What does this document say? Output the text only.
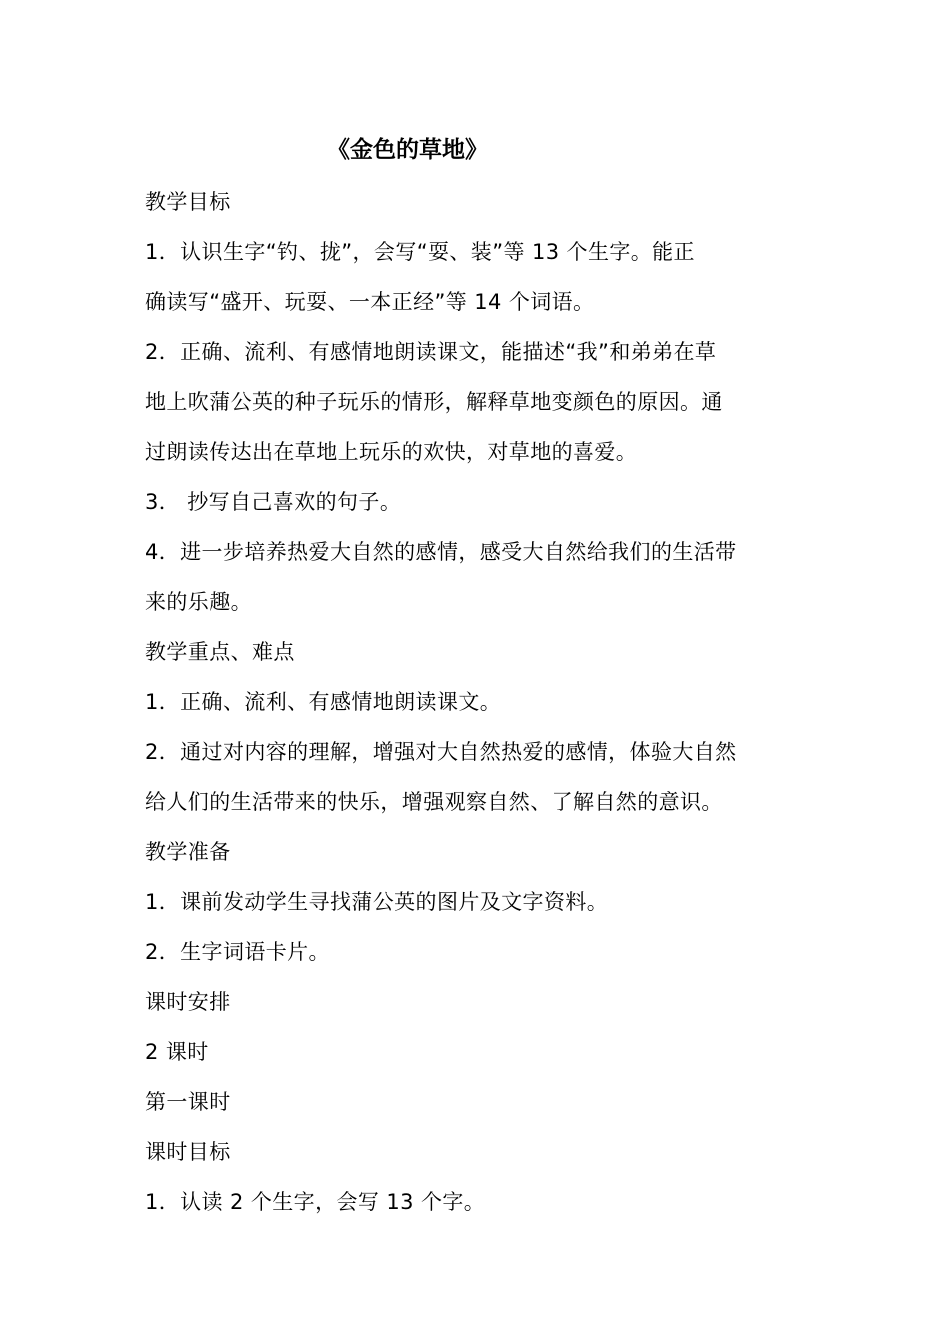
《金色的草地》
教学目标
1．认识生字“钓、拢”，会写“耍、装”等 13 个生字。能正
确读写“盛开、玩耍、一本正经”等 14 个词语。
2．正确、流利、有感情地朗读课文，能描述“我”和弟弟在草
地上吹蒲公英的种子玩乐的情形，解释草地变颜色的原因。通
过朗读传达出在草地上玩乐的欢快，对草地的喜爱。
3． 抄写自己喜欢的句子。
4．进一步培养热爱大自然的感情，感受大自然给我们的生活带
来的乐趣。
教学重点、难点
1．正确、流利、有感情地朗读课文。
2．通过对内容的理解，增强对大自然热爱的感情，体验大自然
给人们的生活带来的快乐，增强观察自然、了解自然的意识。
教学准备
1．课前发动学生寻找蒲公英的图片及文字资料。
2．生字词语卡片。
课时安排
2 课时
第一课时
课时目标
1．认读 2 个生字，会写 13 个字。
